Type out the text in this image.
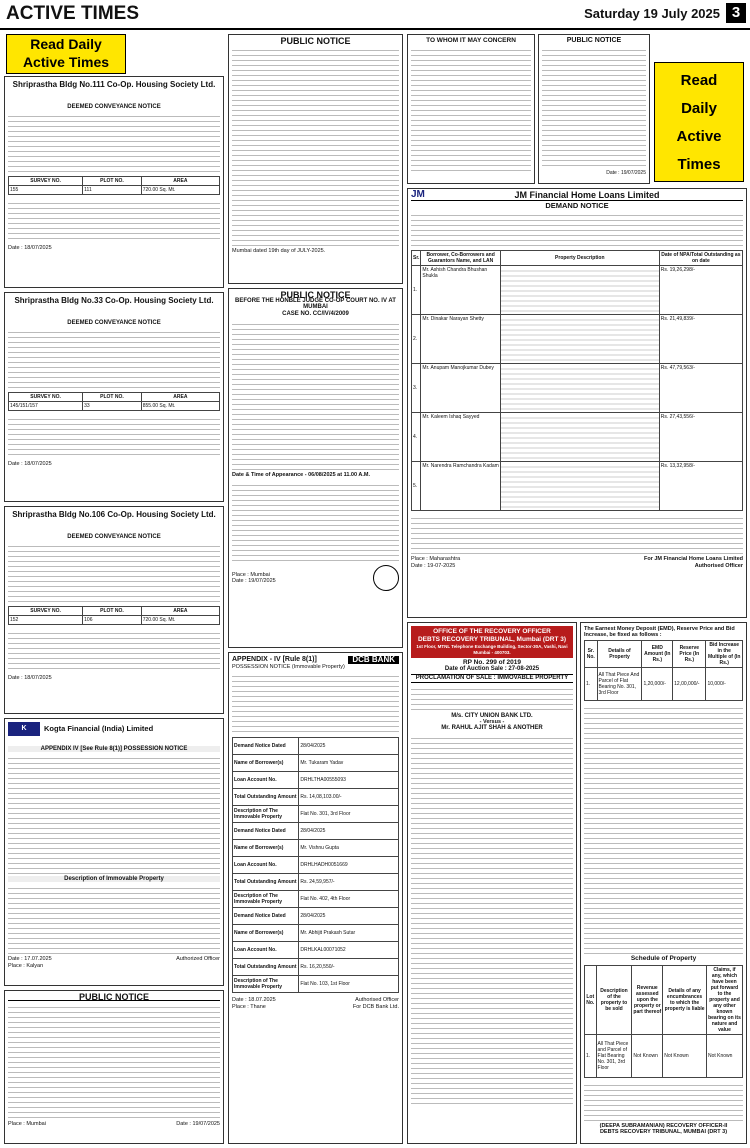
ACTIVE TIMES	Saturday 19 July 2025 3
Read Daily
Active Times
Shriprastha Bldg No.111 Co-Op. Housing Society Ltd.
DEEMED CONVEYANCE NOTICE
SURVEY NO.	PLOT NO.	AREA
155	111	720.00 Sq. Mt.
Date : 18/07/2025
Shriprastha Bldg No.33 Co-Op. Housing Society Ltd.
DEEMED CONVEYANCE NOTICE
SURVEY NO.	PLOT NO.	AREA
145/151/157	33	855.00 Sq. Mt.
Date : 18/07/2025
Shriprastha Bldg No.106 Co-Op. Housing Society Ltd.
DEEMED CONVEYANCE NOTICE
SURVEY NO.	PLOT NO.	AREA
152	106	720.00 Sq. Mt.
Date : 18/07/2025
K	Kogta Financial (India) Limited
APPENDIX IV [See Rule 8(1)] POSSESSION NOTICE
Description of Immovable Property
Date : 17.07.2025	Authorized Officer
Place : Kalyan
PUBLIC NOTICE
Place : Mumbai	Date : 19/07/2025
PUBLIC NOTICE
Mumbai dated 19th day of JULY-2025.
PUBLIC NOTICE
BEFORE THE HONBLE JUDGE CO-OP COURT NO. IV AT MUMBAI
CASE NO. CC/IV/4/2009
Date & Time of Appearance - 06/08/2025 at 11.00 A.M.
Place : Mumbai
Date : 19/07/2025
APPENDIX - IV [Rule 8(1)]	DCB BANK
POSSESSION NOTICE (Immovable Property)
Demand Notice Dated	28/04/2025
Name of Borrower(s)	Mr. Tukaram Yadav
Loan Account No.	DRHLTHA00555093
Total Outstanding Amount	Rs. 14,08,103.00/-
Description of The Immovable Property	Flat No. 301, 3rd Floor
Demand Notice Dated	28/04/2025
Name of Borrower(s)	Mr. Vishnu Gupta
Loan Account No.	DRHLHADH0051669
Total Outstanding Amount	Rs. 24,59,957/-
Description of The Immovable Property	Flat No. 402, 4th Floor
Demand Notice Dated	28/04/2025
Name of Borrower(s)	Mr. Abhijit Prakash Sutar
Loan Account No.	DRHLKAL00071052
Total Outstanding Amount	Rs. 16,20,550/-
Description of The Immovable Property	Flat No. 103, 1st Floor
Date : 18.07.2025
Place : Thane
Authorised Officer
For DCB Bank Ltd.
TO WHOM IT MAY CONCERN	PUBLIC NOTICE
Date : 19/07/2025
Read
Daily
Active
Times
JM	JM Financial Home Loans Limited
DEMAND NOTICE
Sr.	Borrower, Co-Borrowers and Guarantors Name, and LAN	Property Description	Date of NPA/Total Outstanding as on date
1.	Mr. Ashish Chandra Bhushan Shukla		Rs. 19,26,298/-
2.	Mr. Dinakar Narayan Shetty		Rs. 21,49,839/-
3.	Mr. Anupam Manojkumar Dubey		Rs. 47,79,563/-
4.	Mr. Kaleem Ishaq Sayyed		Rs. 27,43,556/-
5.	Mr. Narendra Ramchandra Kadam		Rs. 13,32,958/-
Place : Maharashtra
Date : 19-07-2025
For JM Financial Home Loans Limited
Authorised Officer
OFFICE OF THE RECOVERY OFFICER
DEBTS RECOVERY TRIBUNAL, Mumbai (DRT 3)
1st Floor, MTNL Telephone Exchange Building, Sector-30A, Vashi, Navi Mumbai - 400703.
RP No. 299 of 2019
Date of Auction Sale : 27-08-2025
PROCLAMATION OF SALE : IMMOVABLE PROPERTY
M/s. CITY UNION BANK LTD.
- Versus -
Mr. RAHUL AJIT SHAH & ANOTHER
The Earnest Money Deposit (EMD), Reserve Price and Bid Increase, be fixed as follows :
Sr. No.	Details of Property	EMD Amount (In Rs.)	Reserve Price (In Rs.)	Bid Increase in the Multiple of (In Rs.)
1.	All That Piece And Parcel of Flat Bearing No. 301, 3rd Floor	1,20,000/-	12,00,000/-	10,000/-
Schedule of Property
Lot No.	Description of the property to be sold	Revenue assessed upon the property or part thereof	Details of any encumbrances to which the property is liable	Claims, if any, which have been put forward to the property and any other known bearing on its nature and value
1.	All That Piece and Parcel of Flat Bearing No. 301, 3rd Floor	Not Known	Not Known	Not Known
(DEEPA SUBRAMANIAN) RECOVERY OFFICER-II
DEBTS RECOVERY TRIBUNAL, MUMBAI (DRT 3)
